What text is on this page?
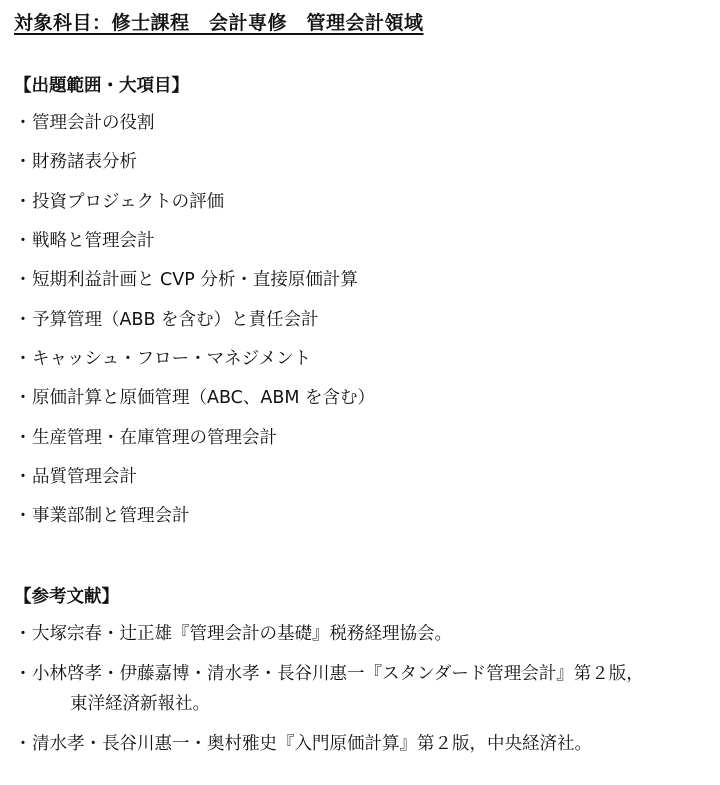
対象科目：修士課程　会計専修　管理会計領域
【出題範囲・大項目】
・管理会計の役割
・財務諸表分析
・投資プロジェクトの評価
・戦略と管理会計
・短期利益計画と CVP 分析・直接原価計算
・予算管理（ABB を含む）と責任会計
・キャッシュ・フロー・マネジメント
・原価計算と原価管理（ABC、ABM を含む）
・生産管理・在庫管理の管理会計
・品質管理会計
・事業部制と管理会計
【参考文献】
・大塚宗春・辻正雄『管理会計の基礎』税務経理協会。
・小林啓孝・伊藤嘉博・清水孝・長谷川惠一『スタンダード管理会計』第２版，
東洋経済新報社。
・清水孝・長谷川惠一・奥村雅史『入門原価計算』第２版，中央経済社。
